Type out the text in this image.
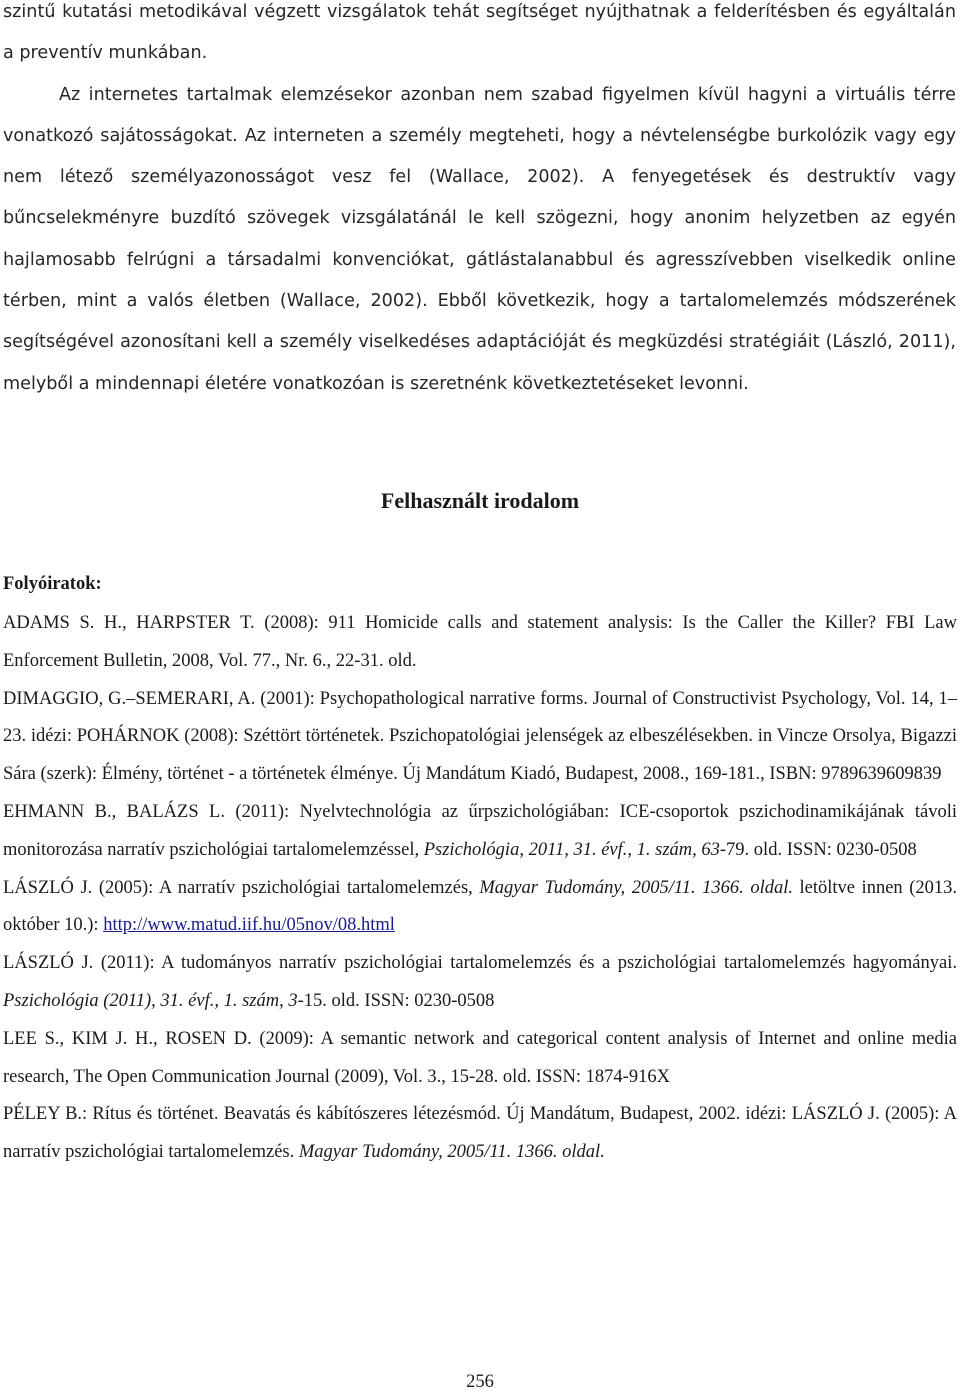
szintű kutatási metodikával végzett vizsgálatok tehát segítséget nyújthatnak a felderítésben és egyáltalán a preventív munkában.

Az internetes tartalmak elemzésekor azonban nem szabad figyelmen kívül hagyni a virtuális térre vonatkozó sajátosságokat. Az interneten a személy megteheti, hogy a névtelenségbe burkolózik vagy egy nem létező személyazonosságot vesz fel (Wallace, 2002). A fenyegetések és destruktív vagy bűncselekményre buzdító szövegek vizsgálatánál le kell szögezni, hogy anonim helyzetben az egyén hajlamosabb felrúgni a társadalmi konvenciókat, gátlástalanabbul és agresszívebben viselkedik online térben, mint a valós életben (Wallace, 2002). Ebből következik, hogy a tartalomelemzés módszerének segítségével azonosítani kell a személy viselkedéses adaptációját és megküzdési stratégiáit (László, 2011), melyből a mindennapi életére vonatkozóan is szeretnénk következtetéseket levonni.

Felhasznált irodalom
Folyóiratok:

ADAMS S. H., HARPSTER T. (2008): 911 Homicide calls and statement analysis: Is the Caller the Killer? FBI Law Enforcement Bulletin, 2008, Vol. 77., Nr. 6., 22-31. old.

DIMAGGIO, G.–SEMERARI, A. (2001): Psychopathological narrative forms. Journal of Constructivist Psychology, Vol. 14, 1–23. idézi: POHÁRNOK (2008): Széttört történetek. Pszichopatológiai jelenségek az elbeszélésekben. in Vincze Orsolya, Bigazzi Sára (szerk): Élmény, történet - a történetek élménye. Új Mandátum Kiadó, Budapest, 2008., 169-181., ISBN: 9789639609839

EHMANN B., BALÁZS L. (2011): Nyelvtechnológia az űrpszichológiában: ICE-csoportok pszichodinamikájának távoli monitorozása narratív pszichológiai tartalomelemzéssel, Pszichológia, 2011, 31. évf., 1. szám, 63-79. old. ISSN: 0230-0508

LÁSZLÓ J. (2005): A narratív pszichológiai tartalomelemzés, Magyar Tudomány, 2005/11. 1366. oldal. letöltve innen (2013. október 10.): http://www.matud.iif.hu/05nov/08.html

LÁSZLÓ J. (2011): A tudományos narratív pszichológiai tartalomelemzés és a pszichológiai tartalomelemzés hagyományai. Pszichológia (2011), 31. évf., 1. szám, 3-15. old. ISSN: 0230-0508

LEE S., KIM J. H., ROSEN D. (2009): A semantic network and categorical content analysis of Internet and online media research, The Open Communication Journal (2009), Vol. 3., 15-28. old. ISSN: 1874-916X

PÉLEY B.: Rítus és történet. Beavatás és kábítószeres létezésmód. Új Mandátum, Budapest, 2002. idézi: LÁSZLÓ J. (2005): A narratív pszichológiai tartalomelemzés. Magyar Tudomány, 2005/11. 1366. oldal.

256
